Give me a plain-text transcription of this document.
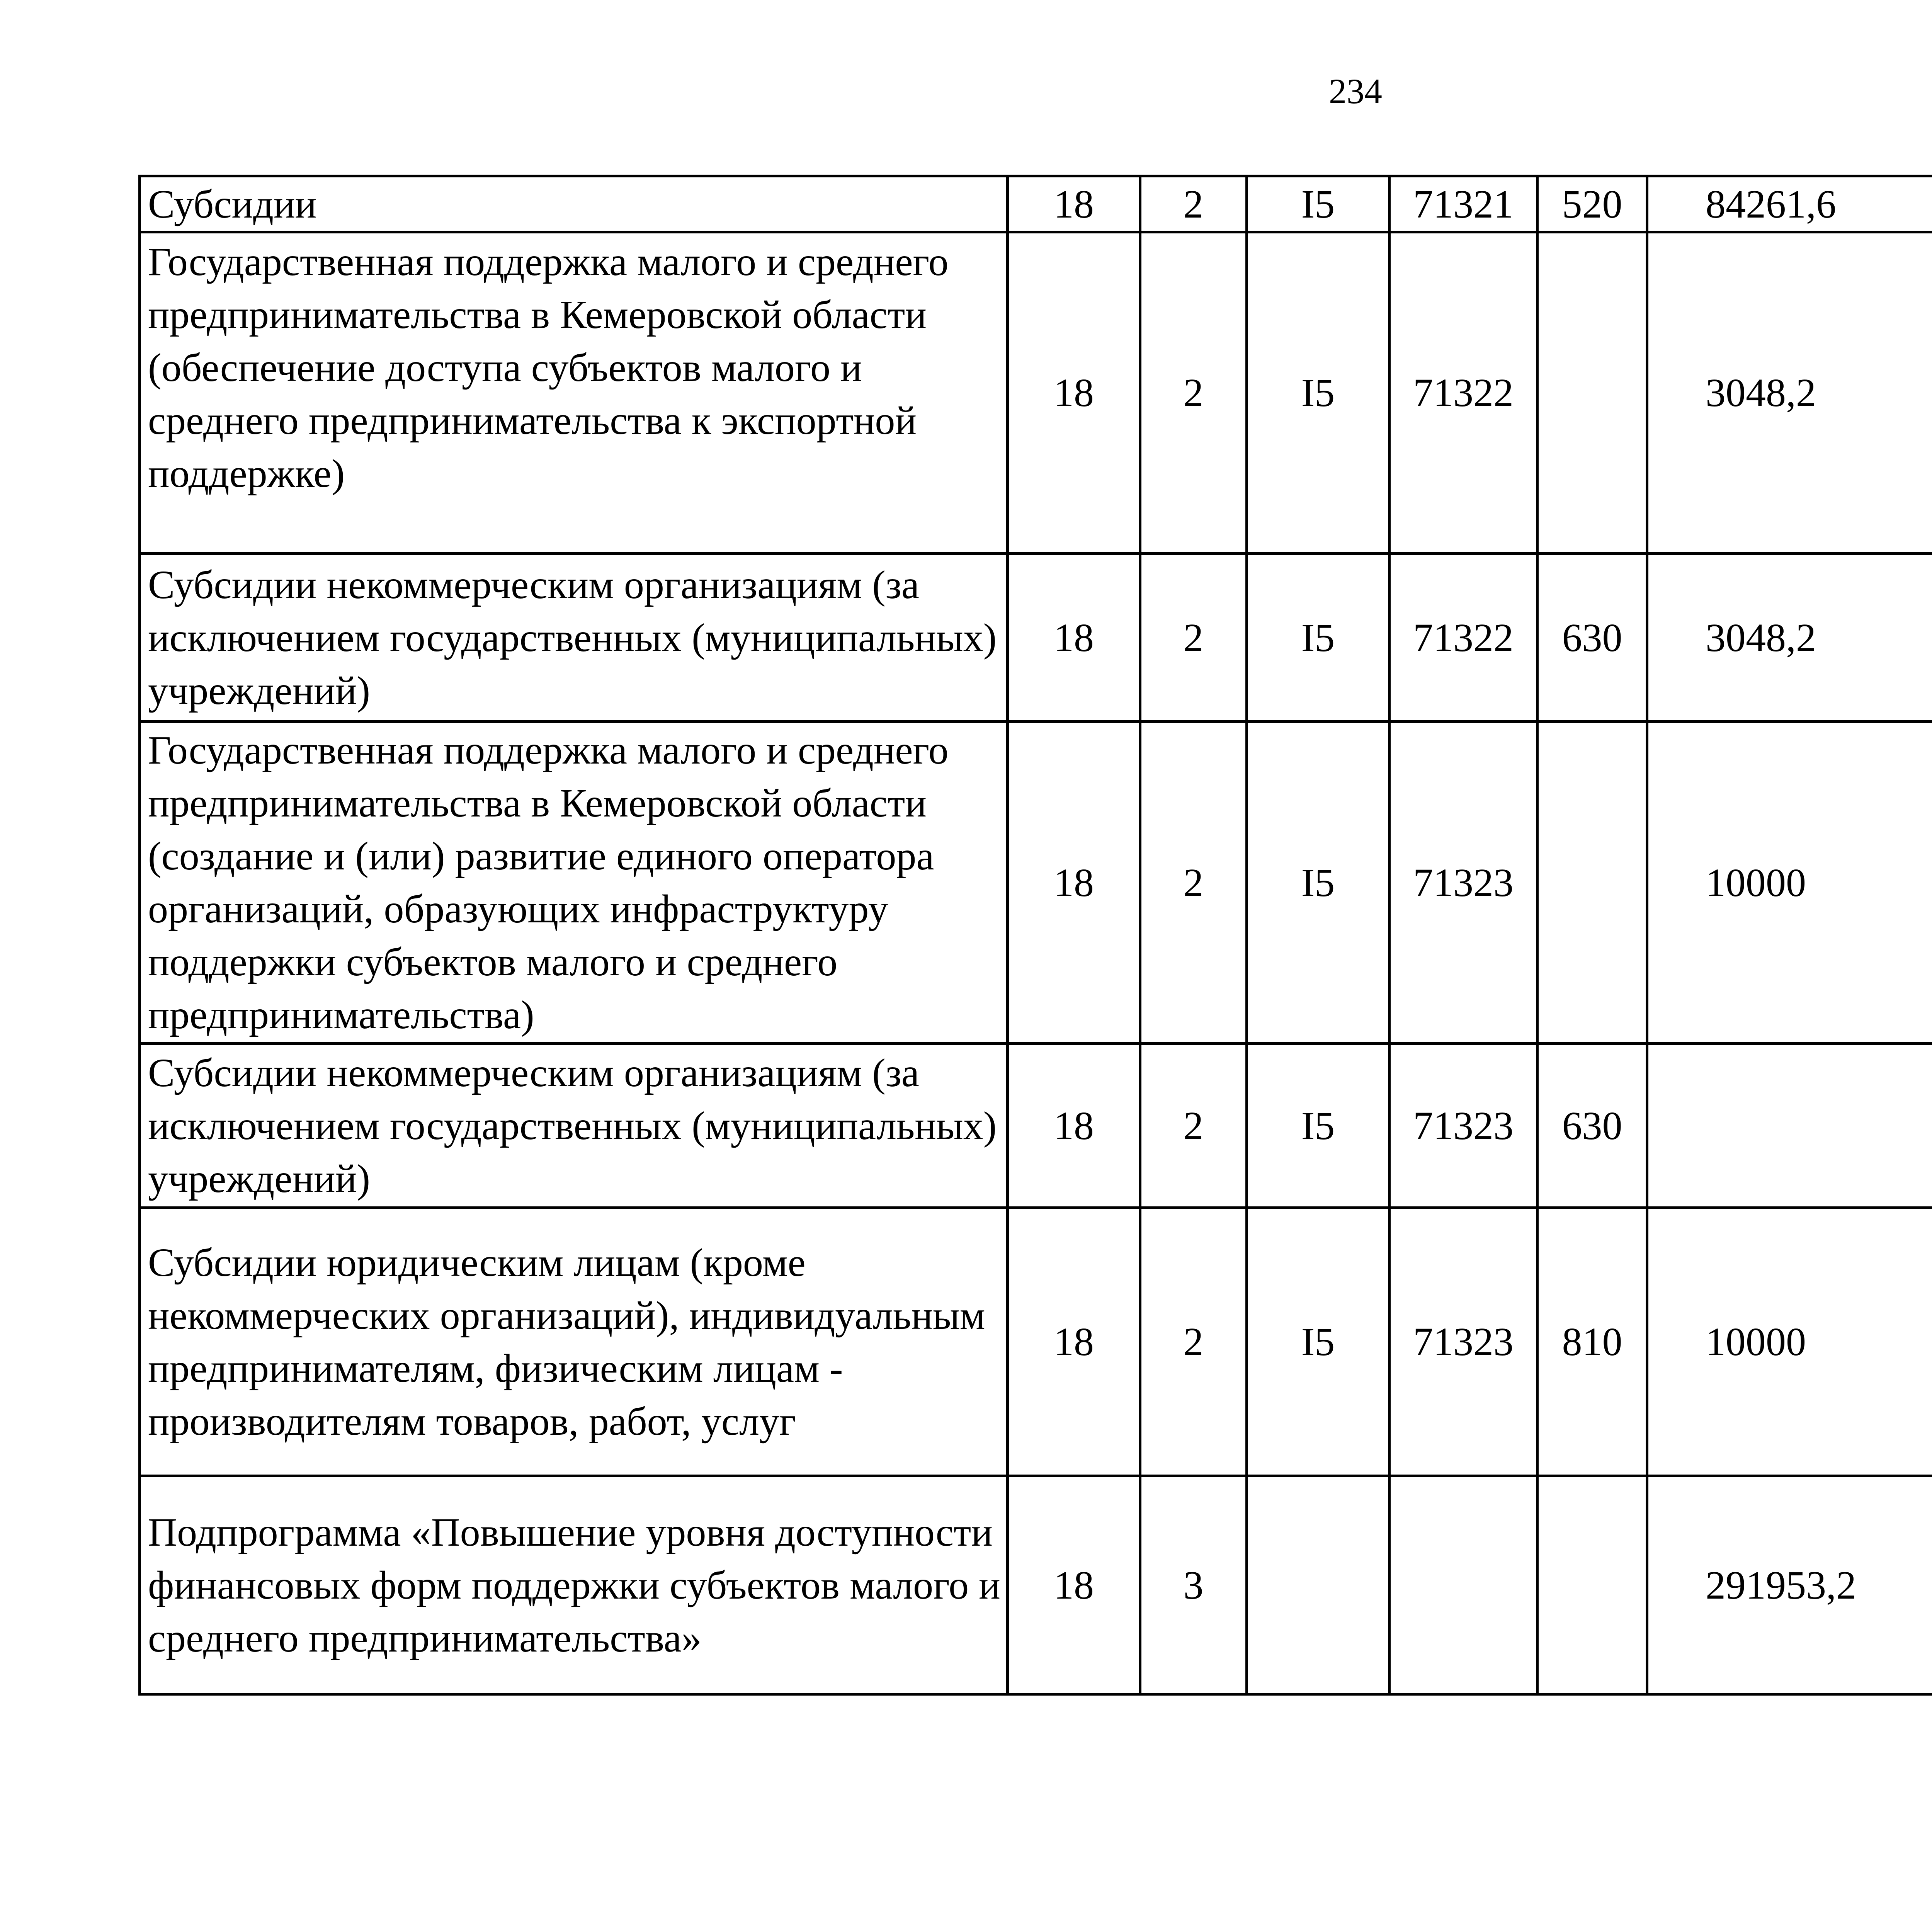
234
Субсидии	18	2	I5	71321	520	84261,6		
Государственная поддержка малого и среднего предпринимательства в Кемеровской области (обеспечение доступа субъектов малого и среднего предпринимательства к экспортной поддержке)	18	2	I5	71322		3048,2		
Субсидии некоммерческим организациям (за исключением государственных (муниципальных) учреждений)	18	2	I5	71322	630	3048,2		
Государственная поддержка малого и среднего предпринимательства в Кемеровской области (создание и (или) развитие единого оператора организаций, образующих инфраструктуру поддержки субъектов малого и среднего предпринимательства)	18	2	I5	71323		10000		
Субсидии некоммерческим организациям (за исключением государственных (муниципальных) учреждений)	18	2	I5	71323	630			
Субсидии юридическим лицам (кроме некоммерческих организаций), индивидуальным предпринимателям, физическим лицам - производителям товаров, работ, услуг	18	2	I5	71323	810	10000		
Подпрограмма «Повышение уровня доступности финансовых форм поддержки субъектов малого и среднего предпринимательства»	18	3				291953,2		
